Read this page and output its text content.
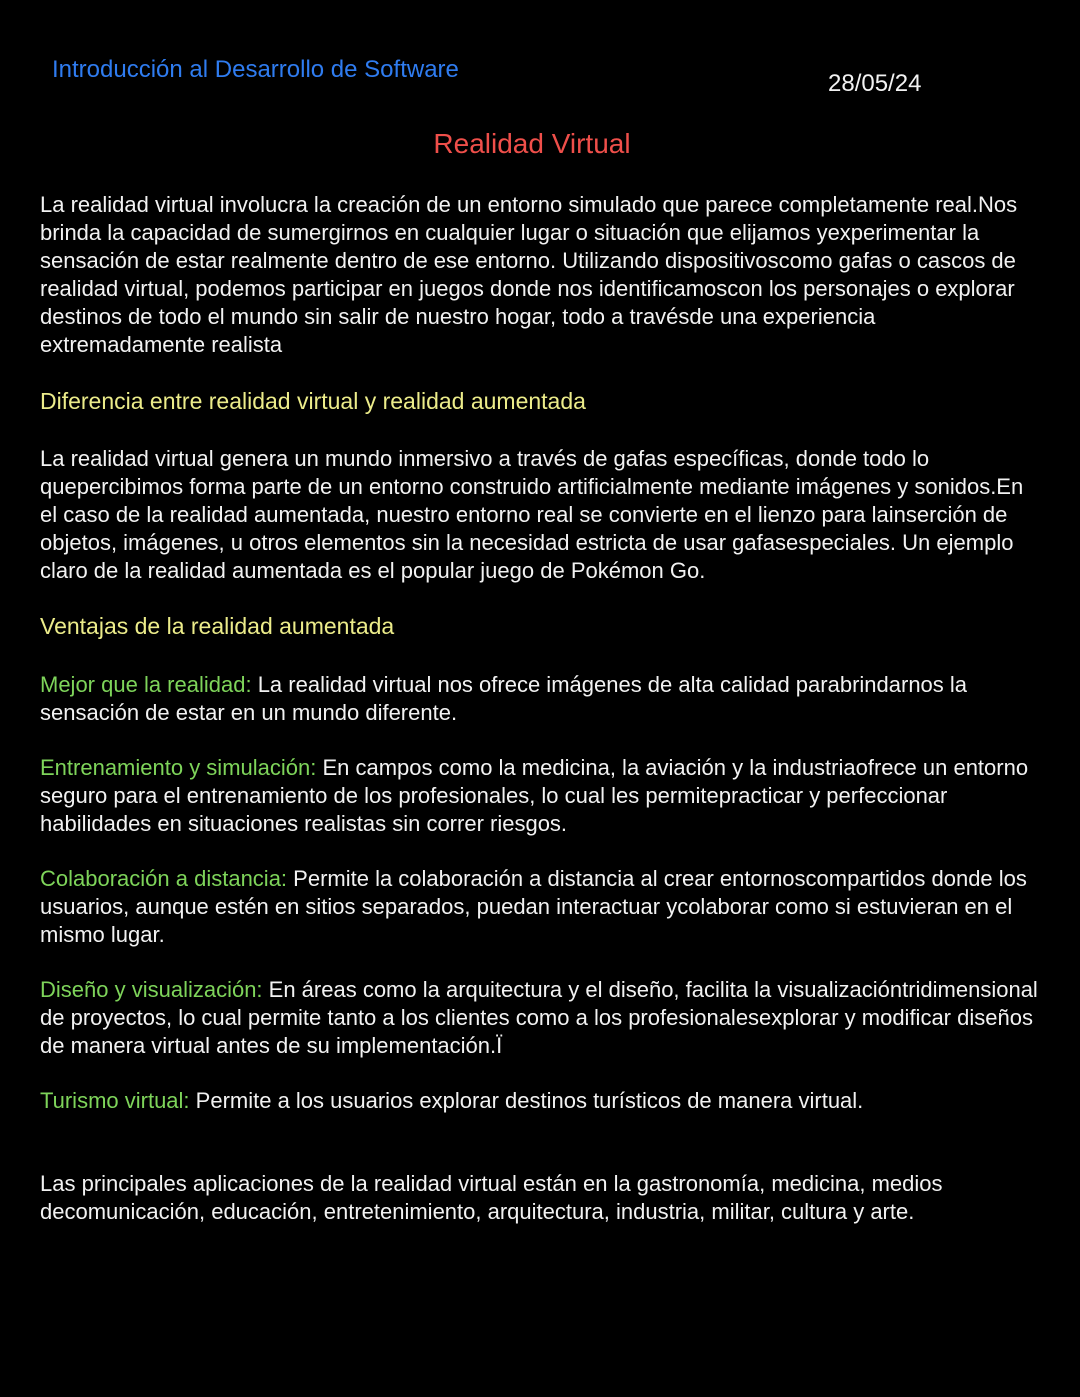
Introducción al Desarrollo de Software
28/05/24
Realidad Virtual

La realidad virtual involucra la creación de un entorno simulado que parece completamente real.Nos brinda la capacidad de sumergirnos en cualquier lugar o situación que elijamos yexperimentar la sensación de estar realmente dentro de ese entorno. Utilizando dispositivoscomo gafas o cascos de realidad virtual, podemos participar en juegos donde nos identificamoscon los personajes o explorar destinos de todo el mundo sin salir de nuestro hogar, todo a travésde una experiencia extremadamente realista

Diferencia entre realidad virtual y realidad aumentada

La realidad virtual genera un mundo inmersivo a través de gafas específicas, donde todo lo quepercibimos forma parte de un entorno construido artificialmente mediante imágenes y sonidos.En el caso de la realidad aumentada, nuestro entorno real se convierte en el lienzo para lainserción de objetos, imágenes, u otros elementos sin la necesidad estricta de usar gafasespeciales. Un ejemplo claro de la realidad aumentada es el popular juego de Pokémon Go.

Ventajas de la realidad aumentada

Mejor que la realidad: La realidad virtual nos ofrece imágenes de alta calidad parabrindarnos la sensación de estar en un mundo diferente.

Entrenamiento y simulación: En campos como la medicina, la aviación y la industriaofrece un entorno seguro para el entrenamiento de los profesionales, lo cual les permitepracticar y perfeccionar habilidades en situaciones realistas sin correr riesgos.

Colaboración a distancia: Permite la colaboración a distancia al crear entornoscompartidos donde los usuarios, aunque estén en sitios separados, puedan interactuar ycolaborar como si estuvieran en el mismo lugar.

Diseño y visualización: En áreas como la arquitectura y el diseño, facilita la visualizacióntridimensional de proyectos, lo cual permite tanto a los clientes como a los profesionalesexplorar y modificar diseños de manera virtual antes de su implementación.Ï

Turismo virtual: Permite a los usuarios explorar destinos turísticos de manera virtual.

Las principales aplicaciones de la realidad virtual están en la gastronomía, medicina, medios decomunicación, educación, entretenimiento, arquitectura, industria, militar, cultura y arte.
